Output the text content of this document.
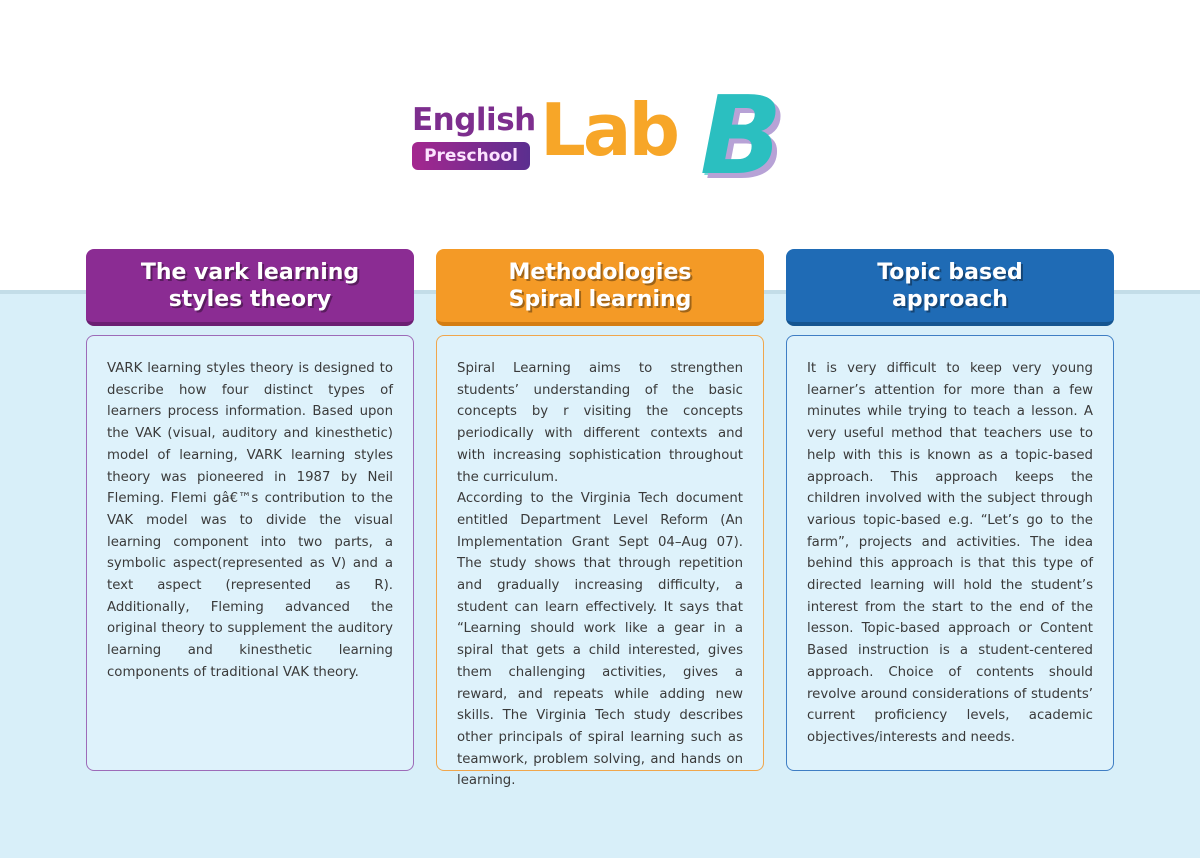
English
Preschool Lab B
The vark learning
styles theory

VARK learning styles theory is designed to describe how four distinct types of learners process information. Based upon the VAK (visual, auditory and kinesthetic) model of learning, VARK learning styles theory was pioneered in 1987 by Neil Fleming. Flemi gâ€™s contribution to the VAK model was to divide the visual learning component into two parts, a symbolic aspect(represented as V) and a text aspect (represented as R). Additionally, Fleming advanced the original theory to supplement the auditory learning and kinesthetic learning components of traditional VAK theory.

Methodologies
Spiral learning

Spiral Learning aims to strengthen students’ understanding of the basic concepts by r visiting the concepts periodically with different contexts and with increasing sophistication throughout the curriculum.

According to the Virginia Tech document entitled Department Level Reform (An Implementation Grant Sept 04–Aug 07). The study shows that through repetition and gradually increasing difficulty, a student can learn effectively. It says that “Learning should work like a gear in a spiral that gets a child interested, gives them challenging activities, gives a reward, and repeats while adding new skills. The Virginia Tech study describes other principals of spiral learning such as teamwork, problem solving, and hands on learning.

Topic based
approach

It is very difficult to keep very young learner’s attention for more than a few minutes while trying to teach a lesson. A very useful method that teachers use to help with this is known as a topic-based approach. This approach keeps the children involved with the subject through various topic-based e.g. “Let’s go to the farm”, projects and activities. The idea behind this approach is that this type of directed learning will hold the student’s interest from the start to the end of the lesson. Topic-based approach or Content Based instruction is a student-centered approach. Choice of contents should revolve around considerations of students’ current proficiency levels, academic objectives/interests and needs.
